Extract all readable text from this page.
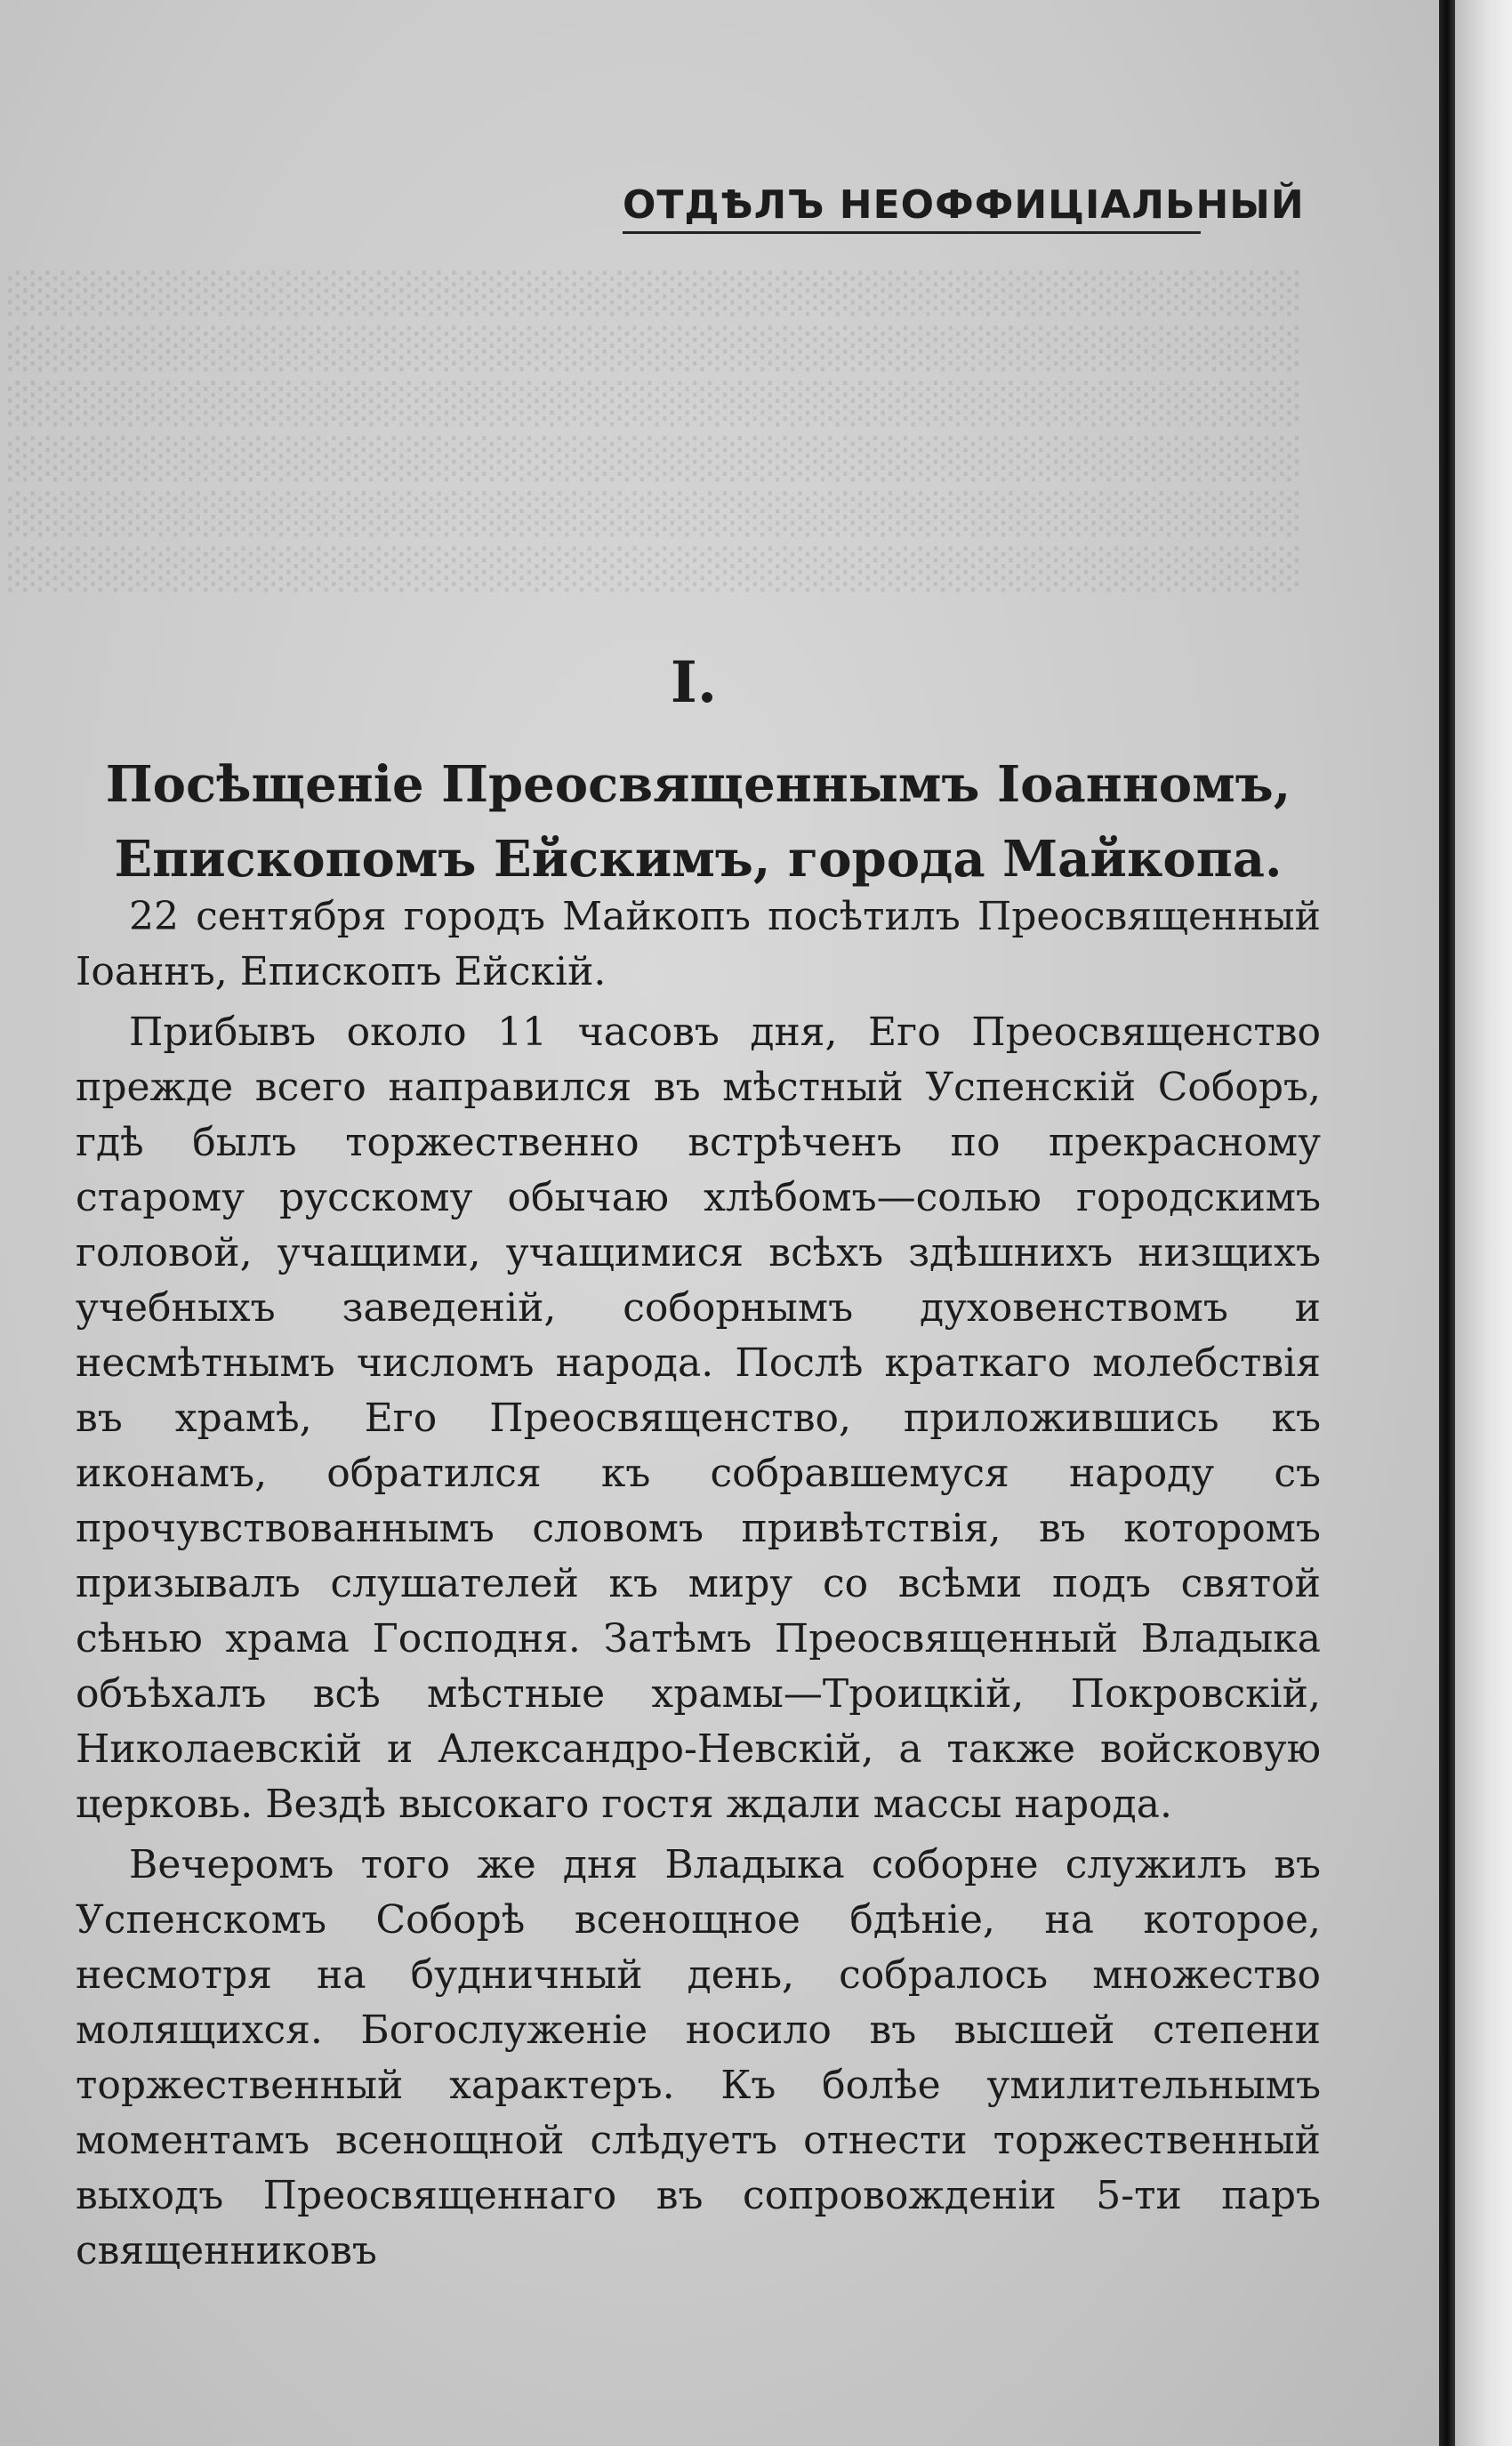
░░░░░░░░░░░░░░░░░░░░░░░░░░░░░░░░░░░░░░░░░░░
░░░░░░░░░░░░░░░░░░░░░░░░░░░░░░░░░░░░░░░░░░░
░░░░░░░░░░░░░░░░░░░░░░░░░░░░░░░░░░░░░░░░░░░
░░░░░░░░░░░░░░░░░░░░░░░░░░░░░░░░░░░░░░░░░░░
░░░░░░░░░░░░░░░░░░░░░░░░░░░░░░░░░░░░░░░░░░░
░░░░░░░░░░░░░░░░░░░░░░░░░░░░░░░░░░░░░░░░░░░
ОТДѢЛЪ НЕОФФИЦІАЛЬНЫЙ
I.
Посѣщеніе Преосвященнымъ Іоанномъ, Епископомъ Ейскимъ, города Майкопа.

22 сентября городъ Майкопъ посѣтилъ Преосвященный Іоаннъ, Епископъ Ейскій.

Прибывъ около 11 часовъ дня, Его Преосвященство прежде всего направился въ мѣстный Успенскій Соборъ, гдѣ былъ торжественно встрѣченъ по прекрасному старому русскому обычаю хлѣбомъ—солью городскимъ головой, учащими, учащимися всѣхъ здѣшнихъ низщихъ учебныхъ заведеній, соборнымъ духовенствомъ и несмѣтнымъ числомъ народа. Послѣ краткаго молебствія въ храмѣ, Его Преосвященство, приложившись къ иконамъ, обратился къ собравшемуся народу съ прочувствованнымъ словомъ привѣтствія, въ которомъ призывалъ слушателей къ миру со всѣми подъ святой сѣнью храма Господня. Затѣмъ Преосвященный Владыка объѣхалъ всѣ мѣстные храмы—Троицкій, Покровскій, Николаевскій и Александро-Невскій, а также войсковую церковь. Вездѣ высокаго гостя ждали массы народа.

Вечеромъ того же дня Владыка соборне служилъ въ Успенскомъ Соборѣ всенощное бдѣніе, на которое, несмотря на будничный день, собралось множество молящихся. Богослуженіе носило въ высшей степени торжественный характеръ. Къ болѣе умилительнымъ моментамъ всенощной слѣдуетъ отнести торжественный выходъ Преосвященнаго въ сопровожденіи 5-ти паръ священниковъ
